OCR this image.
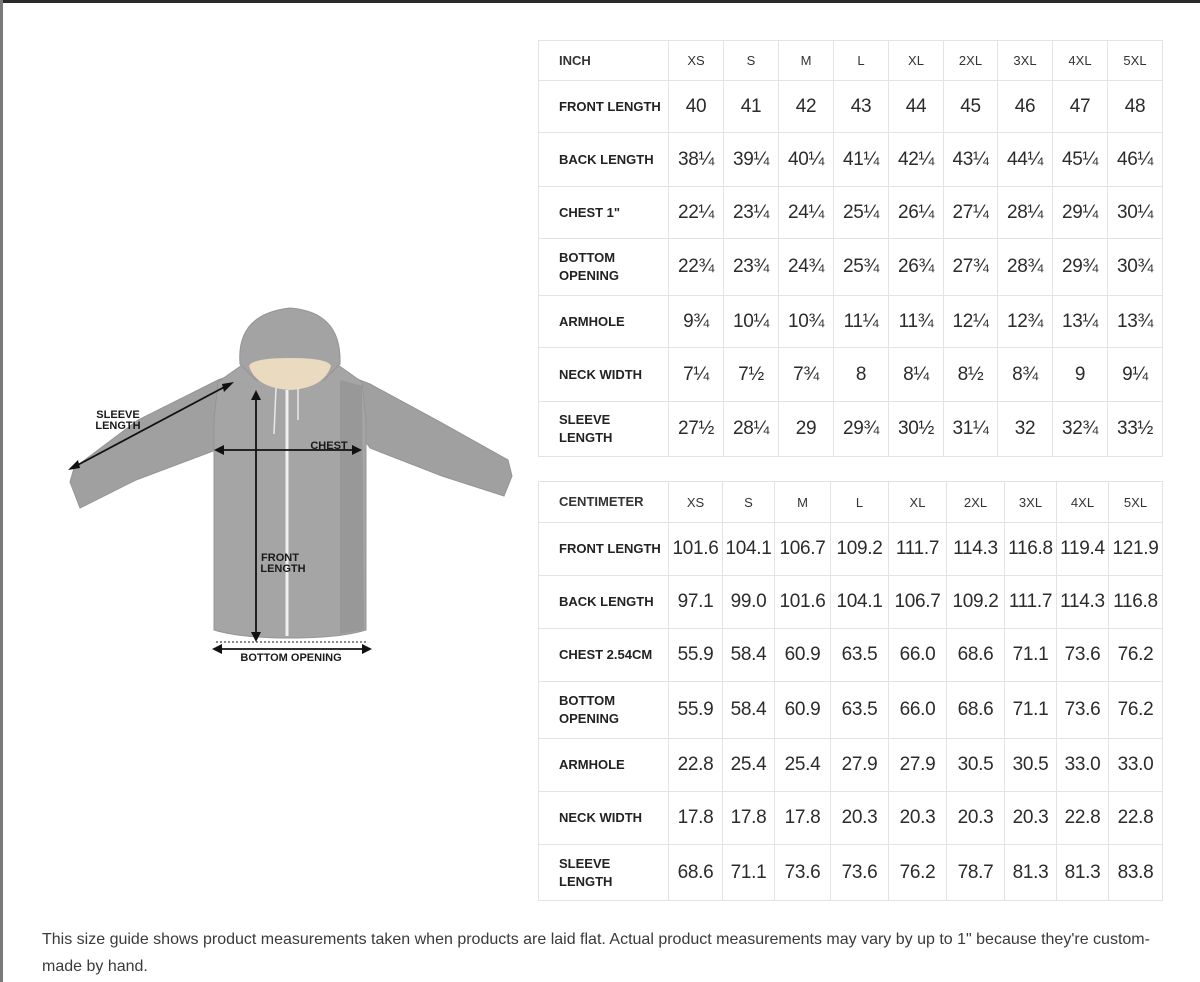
SLEEVE
LENGTH
CHEST
FRONT
LENGTH
BOTTOM OPENING
INCH	XS	S	M	L	XL	2XL	3XL	4XL	5XL
FRONT LENGTH	40	41	42	43	44	45	46	47	48
BACK LENGTH	38¼	39¼	40¼	41¼	42¼	43¼	44¼	45¼	46¼
CHEST 1"	22¼	23¼	24¼	25¼	26¼	27¼	28¼	29¼	30¼
BOTTOM OPENING	22¾	23¾	24¾	25¾	26¾	27¾	28¾	29¾	30¾
ARMHOLE	9¾	10¼	10¾	11¼	11¾	12¼	12¾	13¼	13¾
NECK WIDTH	7¼	7½	7¾	8	8¼	8½	8¾	9	9¼
SLEEVE LENGTH	27½	28¼	29	29¾	30½	31¼	32	32¾	33½
CENTIMETER	XS	S	M	L	XL	2XL	3XL	4XL	5XL
FRONT LENGTH	101.6	104.1	106.7	109.2	111.7	114.3	116.8	119.4	121.9
BACK LENGTH	97.1	99.0	101.6	104.1	106.7	109.2	111.7	114.3	116.8
CHEST 2.54CM	55.9	58.4	60.9	63.5	66.0	68.6	71.1	73.6	76.2
BOTTOM OPENING	55.9	58.4	60.9	63.5	66.0	68.6	71.1	73.6	76.2
ARMHOLE	22.8	25.4	25.4	27.9	27.9	30.5	30.5	33.0	33.0
NECK WIDTH	17.8	17.8	17.8	20.3	20.3	20.3	20.3	22.8	22.8
SLEEVE LENGTH	68.6	71.1	73.6	73.6	76.2	78.7	81.3	81.3	83.8

This size guide shows product measurements taken when products are laid flat. Actual product measurements may vary by up to 1" because they're custom-made by hand.
